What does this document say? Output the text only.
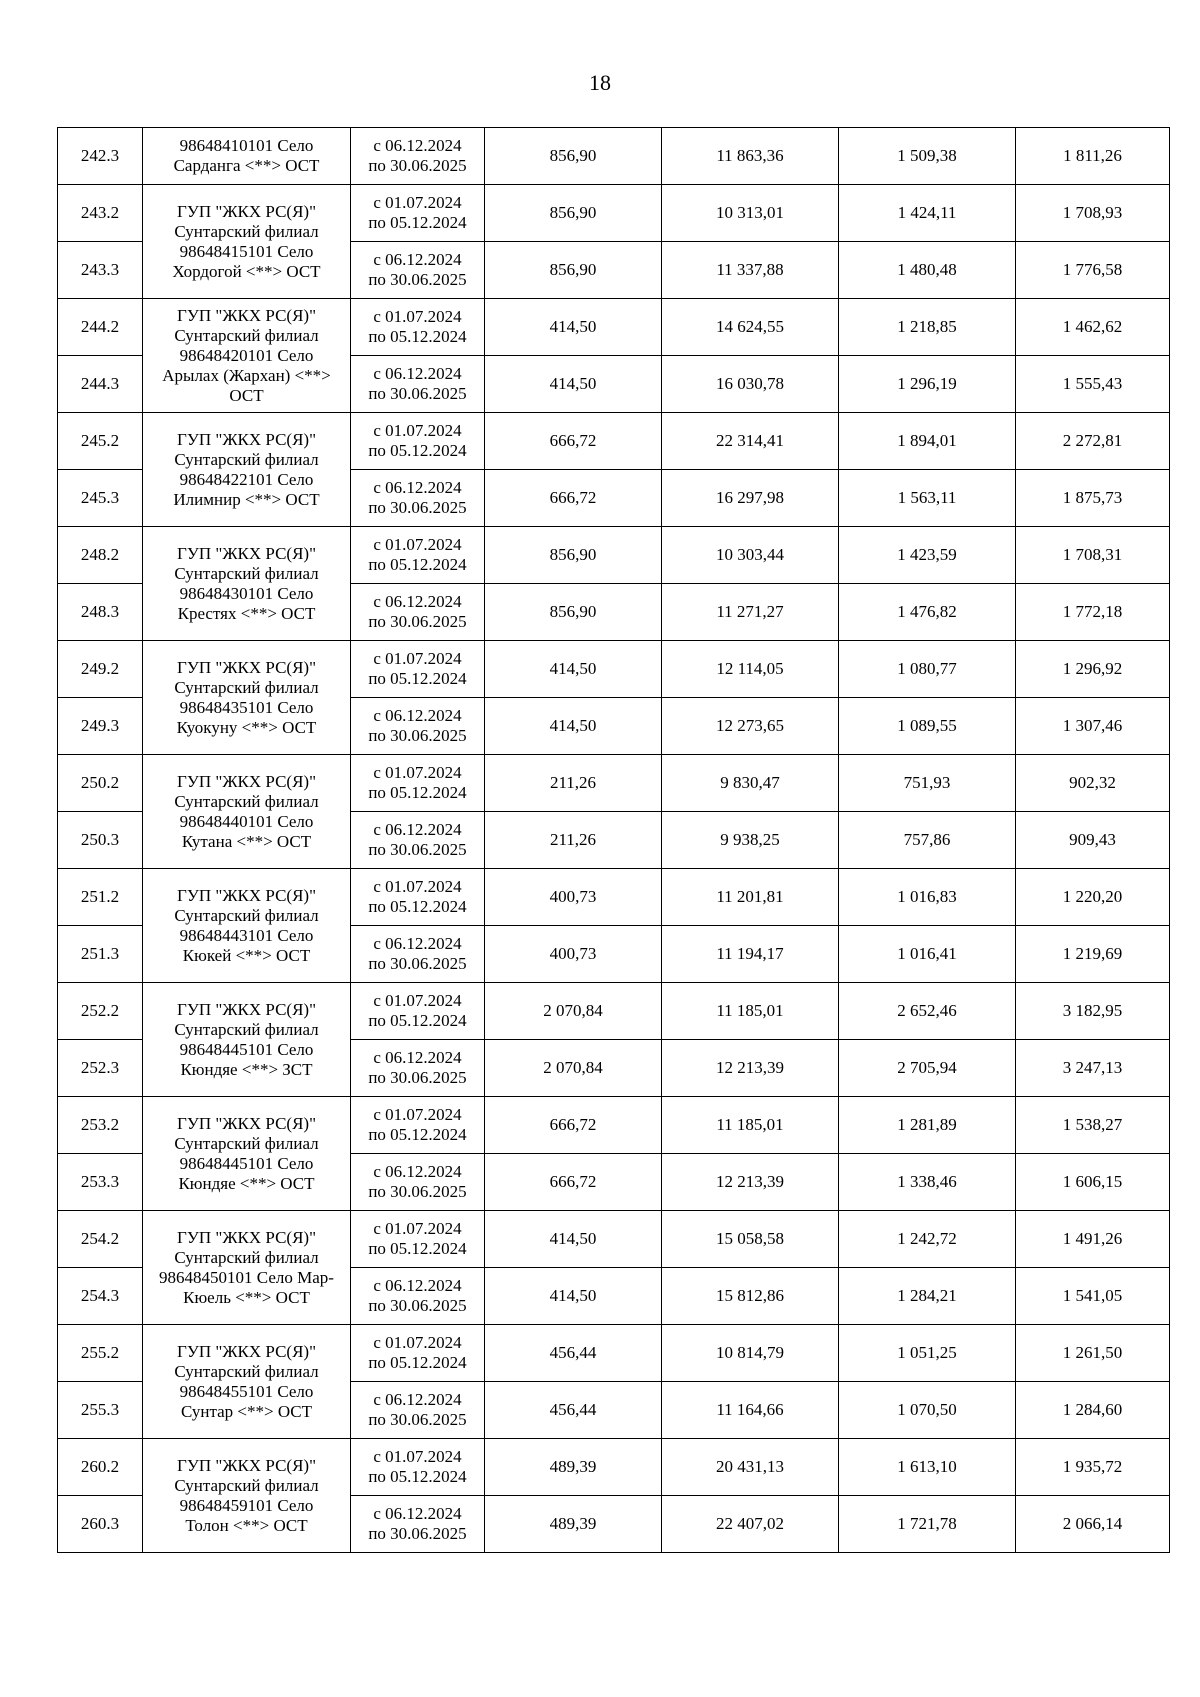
18
242.3	98648410101 Село
Сарданга <**> ОСТ	с 06.12.2024
по 30.06.2025	856,90	11 863,36	1 509,38	1 811,26
243.2	ГУП "ЖКХ РС(Я)"
Сунтарский филиал
98648415101 Село
Хордогой <**> ОСТ	с 01.07.2024
по 05.12.2024	856,90	10 313,01	1 424,11	1 708,93
243.3		с 06.12.2024
по 30.06.2025	856,90	11 337,88	1 480,48	1 776,58
244.2	ГУП "ЖКХ РС(Я)"
Сунтарский филиал
98648420101 Село
Арылах (Жархан) <**>
ОСТ	с 01.07.2024
по 05.12.2024	414,50	14 624,55	1 218,85	1 462,62
244.3		с 06.12.2024
по 30.06.2025	414,50	16 030,78	1 296,19	1 555,43
245.2	ГУП "ЖКХ РС(Я)"
Сунтарский филиал
98648422101 Село
Илимнир <**> ОСТ	с 01.07.2024
по 05.12.2024	666,72	22 314,41	1 894,01	2 272,81
245.3		с 06.12.2024
по 30.06.2025	666,72	16 297,98	1 563,11	1 875,73
248.2	ГУП "ЖКХ РС(Я)"
Сунтарский филиал
98648430101 Село
Крестях <**> ОСТ	с 01.07.2024
по 05.12.2024	856,90	10 303,44	1 423,59	1 708,31
248.3		с 06.12.2024
по 30.06.2025	856,90	11 271,27	1 476,82	1 772,18
249.2	ГУП "ЖКХ РС(Я)"
Сунтарский филиал
98648435101 Село
Куокуну <**> ОСТ	с 01.07.2024
по 05.12.2024	414,50	12 114,05	1 080,77	1 296,92
249.3		с 06.12.2024
по 30.06.2025	414,50	12 273,65	1 089,55	1 307,46
250.2	ГУП "ЖКХ РС(Я)"
Сунтарский филиал
98648440101 Село
Кутана <**> ОСТ	с 01.07.2024
по 05.12.2024	211,26	9 830,47	751,93	902,32
250.3		с 06.12.2024
по 30.06.2025	211,26	9 938,25	757,86	909,43
251.2	ГУП "ЖКХ РС(Я)"
Сунтарский филиал
98648443101 Село
Кюкей <**> ОСТ	с 01.07.2024
по 05.12.2024	400,73	11 201,81	1 016,83	1 220,20
251.3		с 06.12.2024
по 30.06.2025	400,73	11 194,17	1 016,41	1 219,69
252.2	ГУП "ЖКХ РС(Я)"
Сунтарский филиал
98648445101 Село
Кюндяе <**> ЗСТ	с 01.07.2024
по 05.12.2024	2 070,84	11 185,01	2 652,46	3 182,95
252.3		с 06.12.2024
по 30.06.2025	2 070,84	12 213,39	2 705,94	3 247,13
253.2	ГУП "ЖКХ РС(Я)"
Сунтарский филиал
98648445101 Село
Кюндяе <**> ОСТ	с 01.07.2024
по 05.12.2024	666,72	11 185,01	1 281,89	1 538,27
253.3		с 06.12.2024
по 30.06.2025	666,72	12 213,39	1 338,46	1 606,15
254.2	ГУП "ЖКХ РС(Я)"
Сунтарский филиал
98648450101 Село Мар-
Кюель <**> ОСТ	с 01.07.2024
по 05.12.2024	414,50	15 058,58	1 242,72	1 491,26
254.3		с 06.12.2024
по 30.06.2025	414,50	15 812,86	1 284,21	1 541,05
255.2	ГУП "ЖКХ РС(Я)"
Сунтарский филиал
98648455101 Село
Сунтар <**> ОСТ	с 01.07.2024
по 05.12.2024	456,44	10 814,79	1 051,25	1 261,50
255.3		с 06.12.2024
по 30.06.2025	456,44	11 164,66	1 070,50	1 284,60
260.2	ГУП "ЖКХ РС(Я)"
Сунтарский филиал
98648459101 Село
Толон <**> ОСТ	с 01.07.2024
по 05.12.2024	489,39	20 431,13	1 613,10	1 935,72
260.3		с 06.12.2024
по 30.06.2025	489,39	22 407,02	1 721,78	2 066,14
